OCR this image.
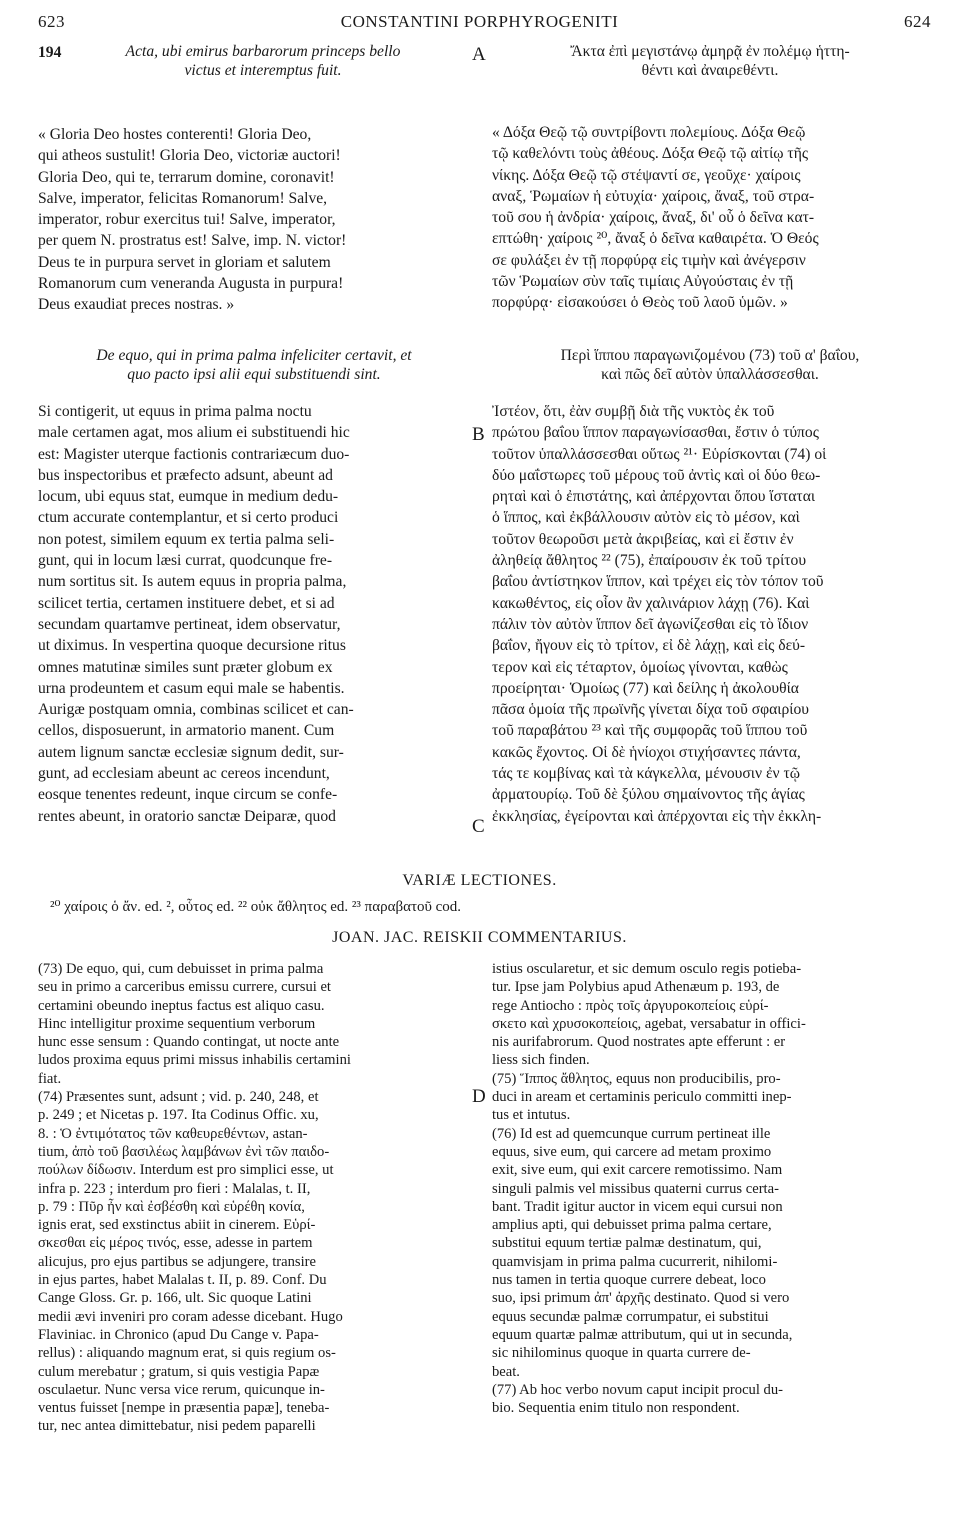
623	CONSTANTINI PORPHYROGENITI	624
194	Acta, ubi emirus barbarorum princeps bello
victus et interemptus fuit.
A	Ἄκτα ἐπὶ μεγιστάνῳ ἀμηρᾷ ἐν πολέμῳ ἡττη-
θέντι καὶ ἀναιρεθέντι.
« Gloria Deo hostes conterenti! Gloria Deo,
qui atheos sustulit! Gloria Deo, victoriæ auctori!
Gloria Deo, qui te, terrarum domine, coronavit!
Salve, imperator, felicitas Romanorum! Salve,
imperator, robur exercitus tui! Salve, imperator,
per quem N. prostratus est! Salve, imp. N. victor!
Deus te in purpura servet in gloriam et salutem
Romanorum cum veneranda Augusta in purpura!
Deus exaudiat preces nostras. »
« Δόξα Θεῷ τῷ συντρίβοντι πολεμίους. Δόξα Θεῷ
τῷ καθελόντι τοὺς ἀθέους. Δόξα Θεῷ τῷ αἰτίῳ τῆς
νίκης. Δόξα Θεῷ τῷ στέψαντί σε, γεοῦχε· χαίροις
αναξ, Ῥωμαίων ἡ εὐτυχία· χαίροις, ἄναξ, τοῦ στρα-
τοῦ σου ἡ ἀνδρία· χαίροις, ἄναξ, δι' οὗ ὁ δεῖνα κατ-
επτώθη· χαίροις ²⁰, ἄναξ ὁ δεῖνα καθαιρέτα. Ὁ Θεός
σε φυλάξει ἐν τῇ πορφύρᾳ εἰς τιμὴν καὶ ἀνέγερσιν
τῶν Ῥωμαίων σὺν ταῖς τιμίαις Αὐγούσταις ἐν τῇ
πορφύρᾳ· εἰσακούσει ὁ Θεὸς τοῦ λαοῦ ὑμῶν. »
De equo, qui in prima palma infeliciter certavit, et
quo pacto ipsi alii equi substituendi sint.
Περὶ ἵππου παραγωνιζομένου (73) τοῦ α' βαΐου,
καὶ πῶς δεῖ αὐτὸν ὑπαλλάσσεσθαι.
Si contigerit, ut equus in prima palma noctu
male certamen agat, mos alium ei substituendi hic
est: Magister uterque factionis contrariæcum duo-
bus inspectoribus et præfecto adsunt, abeunt ad
locum, ubi equus stat, eumque in medium dedu-
ctum accurate contemplantur, et si certo produci
non potest, similem equum ex tertia palma seli-
gunt, qui in locum læsi currat, quodcunque fre-
num sortitus sit. Is autem equus in propria palma,
scilicet tertia, certamen instituere debet, et si ad
secundam quartamve pertineat, idem observatur,
ut diximus. In vespertina quoque decursione ritus
omnes matutinæ similes sunt præter globum ex
urna prodeuntem et casum equi male se habentis.
Aurigæ postquam omnia, combinas scilicet et can-
cellos, disposuerunt, in armatorio manent. Cum
autem lignum sanctæ ecclesiæ signum dedit, sur-
gunt, ad ecclesiam abeunt ac cereos incendunt,
eosque tenentes redeunt, inque circum se confe-
rentes abeunt, in oratorio sanctæ Deiparæ, quod
B
C
Ἰστέον, ὅτι, ἐὰν συμβῇ διὰ τῆς νυκτὸς ἐκ τοῦ
πρώτου βαΐου ἵππον παραγωνίσασθαι, ἔστιν ὁ τύπος
τοῦτον ὑπαλλάσσεσθαι οὕτως ²¹· Εὑρίσκονται (74) οἱ
δύο μαΐστωρες τοῦ μέρους τοῦ ἀντὶς καὶ οἱ δύο θεω-
ρηταὶ καὶ ὁ ἐπιστάτης, καὶ ἀπέρχονται ὅπου ἵσταται
ὁ ἵππος, καὶ ἐκβάλλουσιν αὐτὸν εἰς τὸ μέσον, καὶ
τοῦτον θεωροῦσι μετὰ ἀκριβείας, καὶ εἰ ἔστιν ἐν
ἀληθείᾳ ἄθλητος ²² (75), ἐπαίρουσιν ἐκ τοῦ τρίτου
βαΐου ἀντίστηκον ἵππον, καὶ τρέχει εἰς τὸν τόπον τοῦ
κακωθέντος, εἰς οἷον ἂν χαλινάριον λάχῃ (76). Καὶ
πάλιν τὸν αὐτὸν ἵππον δεῖ ἀγωνίζεσθαι εἰς τὸ ἴδιον
βαΐον, ἤγουν εἰς τὸ τρίτον, εἰ δὲ λάχῃ, καὶ εἰς δεύ-
τερον καὶ εἰς τέταρτον, ὁμοίως γίνονται, καθὼς
προείρηται· Ὁμοίως (77) καὶ δείλης ἡ ἀκολουθία
πᾶσα ὁμοία τῆς πρωϊνῆς γίνεται δίχα τοῦ σφαιρίου
τοῦ παραβάτου ²³ καὶ τῆς συμφορᾶς τοῦ ἵππου τοῦ
κακῶς ἔχοντος. Οἱ δὲ ἡνίοχοι στιχήσαντες πάντα,
τάς τε κομβίνας καὶ τὰ κάγκελλα, μένουσιν ἐν τῷ
ἀρματουρίῳ. Τοῦ δὲ ξύλου σημαίνοντος τῆς ἁγίας
ἐκκλησίας, ἐγείρονται καὶ ἀπέρχονται εἰς τὴν ἐκκλη-
VARIÆ LECTIONES.
²⁰ χαίροις ὁ ἄν. ed. ², οὗτος ed. ²² οὐκ ἄθλητος ed. ²³ παραβατοῦ cod.
JOAN. JAC. REISKII COMMENTARIUS.
(73) De equo, qui, cum debuisset in prima palma
seu in primo a carceribus emissu currere, cursui et
certamini obeundo ineptus factus est aliquo casu.
Hinc intelligitur proxime sequentium verborum
hunc esse sensum : Quando contingat, ut nocte ante
ludos proxima equus primi missus inhabilis certamini
fiat.
(74) Præsentes sunt, adsunt ; vid. p. 240, 248, et
p. 249 ; et Nicetas p. 197. Ita Codinus Offic. xu,
8. : Ὁ ἐντιμότατος τῶν καθευρεθέντων, astan-
tium, ἀπὸ τοῦ βασιλέως λαμβάνων ἐνὶ τῶν παιδο-
πούλων δίδωσιν. Interdum est pro simplici esse, ut
infra p. 223 ; interdum pro fieri : Malalas, t. II,
p. 79 : Πῦρ ἦν καὶ ἐσβέσθη καὶ εὑρέθη κονία,
ignis erat, sed exstinctus abiit in cinerem. Εὑρί-
σκεσθαι εἰς μέρος τινός, esse, adesse in partem
alicujus, pro ejus partibus se adjungere, transire
in ejus partes, habet Malalas t. II, p. 89. Conf. Du
Cange Gloss. Gr. p. 166, ult. Sic quoque Latini
medii ævi inveniri pro coram adesse dicebant. Hugo
Flaviniac. in Chronico (apud Du Cange v. Papa-
rellus) : aliquando magnum erat, si quis regium os-
culum merebatur ; gratum, si quis vestigia Papæ
osculaetur. Nunc versa vice rerum, quicunque in-
ventus fuisset [nempe in præsentia papæ], teneba-
tur, nec antea dimittebatur, nisi pedem paparelli
D
istius oscularetur, et sic demum osculo regis potieba-
tur. Ipse jam Polybius apud Athenæum p. 193, de
rege Antiocho : πρὸς τοῖς ἀργυροκοπείοις εὑρί-
σκετο καὶ χρυσοκοπείοις, agebat, versabatur in offici-
nis aurifabrorum. Quod nostrates apte efferunt : er
liess sich finden.
(75) Ἵππος ἄθλητος, equus non producibilis, pro-
duci in aream et certaminis periculo committi inep-
tus et intutus.
(76) Id est ad quemcunque currum pertineat ille
equus, sive eum, qui carcere ad metam proximo
exit, sive eum, qui exit carcere remotissimo. Nam
singuli palmis vel missibus quaterni currus certa-
bant. Tradit igitur auctor in vicem equi cursui non
amplius apti, qui debuisset prima palma certare,
substitui equum tertiæ palmæ destinatum, qui,
quamvisjam in prima palma cucurrerit, nihilomi-
nus tamen in tertia quoque currere debeat, loco
suo, ipsi primum ἀπ' ἀρχῆς destinato. Quod si vero
equus secundæ palmæ corrumpatur, ei substitui
equum quartæ palmæ attributum, qui ut in secunda,
sic nihilominus quoque in quarta currere de-
beat.
(77) Ab hoc verbo novum caput incipit procul du-
bio. Sequentia enim titulo non respondent.
